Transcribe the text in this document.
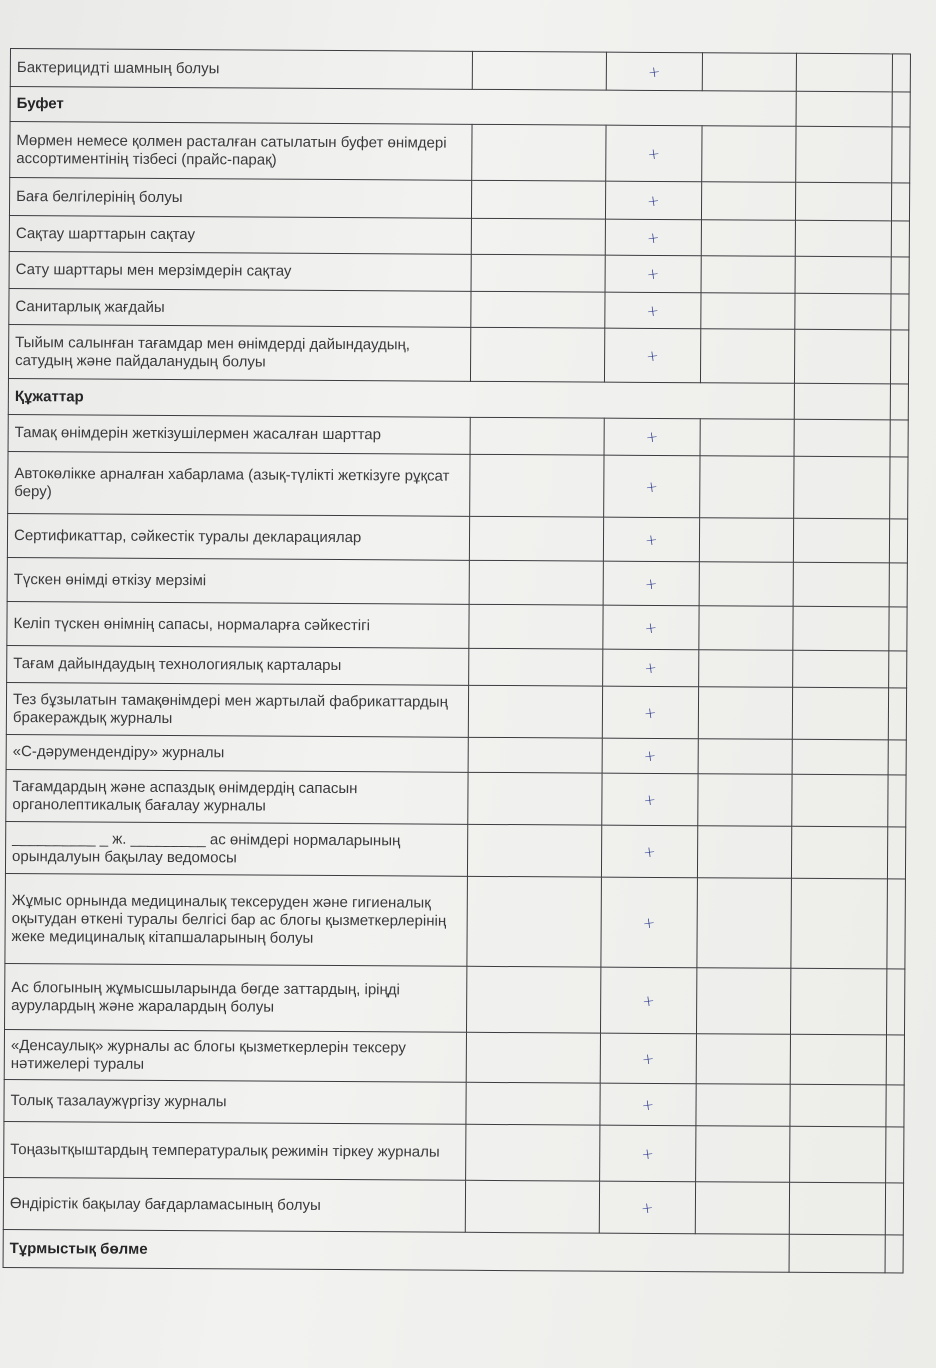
Бактерицидті шамның болуы		+			
Буфет					
Мөрмен немесе қолмен расталған сатылатын буфет өнімдері ассортиментінің тізбесі (прайс-парақ)		+			
Баға белгілерінің болуы		+			
Сақтау шарттарын сақтау		+			
Сату шарттары мен мерзімдерін сақтау		+			
Санитарлық жағдайы		+			
Тыйым салынған тағамдар мен өнімдерді дайындаудың, сатудың және пайдаланудың болуы		+			
Құжаттар					
Тамақ өнімдерін жеткізушілермен жасалған шарттар		+			
Автокөлікке арналған хабарлама (азық-түлікті жеткізуге рұқсат беру)		+			
Сертификаттар, сәйкестік туралы декларациялар		+			
Түскен өнімді өткізу мерзімі		+			
Келіп түскен өнімнің сапасы, нормаларға сәйкестігі		+			
Тағам дайындаудың технологиялық карталары		+			
Тез бұзылатын тамақөнімдері мен жартылай фабрикаттардың бракераждық журналы		+			
«С-дәрумендендіру» журналы		+			
Тағамдардың және аспаздық өнімдердің сапасын органолептикалық бағалау журналы		+			
__________ _ ж. _________ ас өнімдері нормаларының орындалуын бақылау ведомосы		+			
Жұмыс орнында медициналық тексеруден және гигиеналық оқытудан өткені туралы белгісі бар ас блогы қызметкерлерінің жеке медициналық кітапшаларының болуы		+			
Ас блогының жұмысшыларында бөгде заттардың, іріңді аурулардың және жаралардың болуы		+			
«Денсаулық» журналы ас блогы қызметкерлерін тексеру нәтижелері туралы		+			
Толық тазалаужүргізу журналы		+			
Тоңазытқыштардың температуралық режимін тіркеу журналы		+			
Өндірістік бақылау бағдарламасының болуы		+			
Тұрмыстық бөлме					
